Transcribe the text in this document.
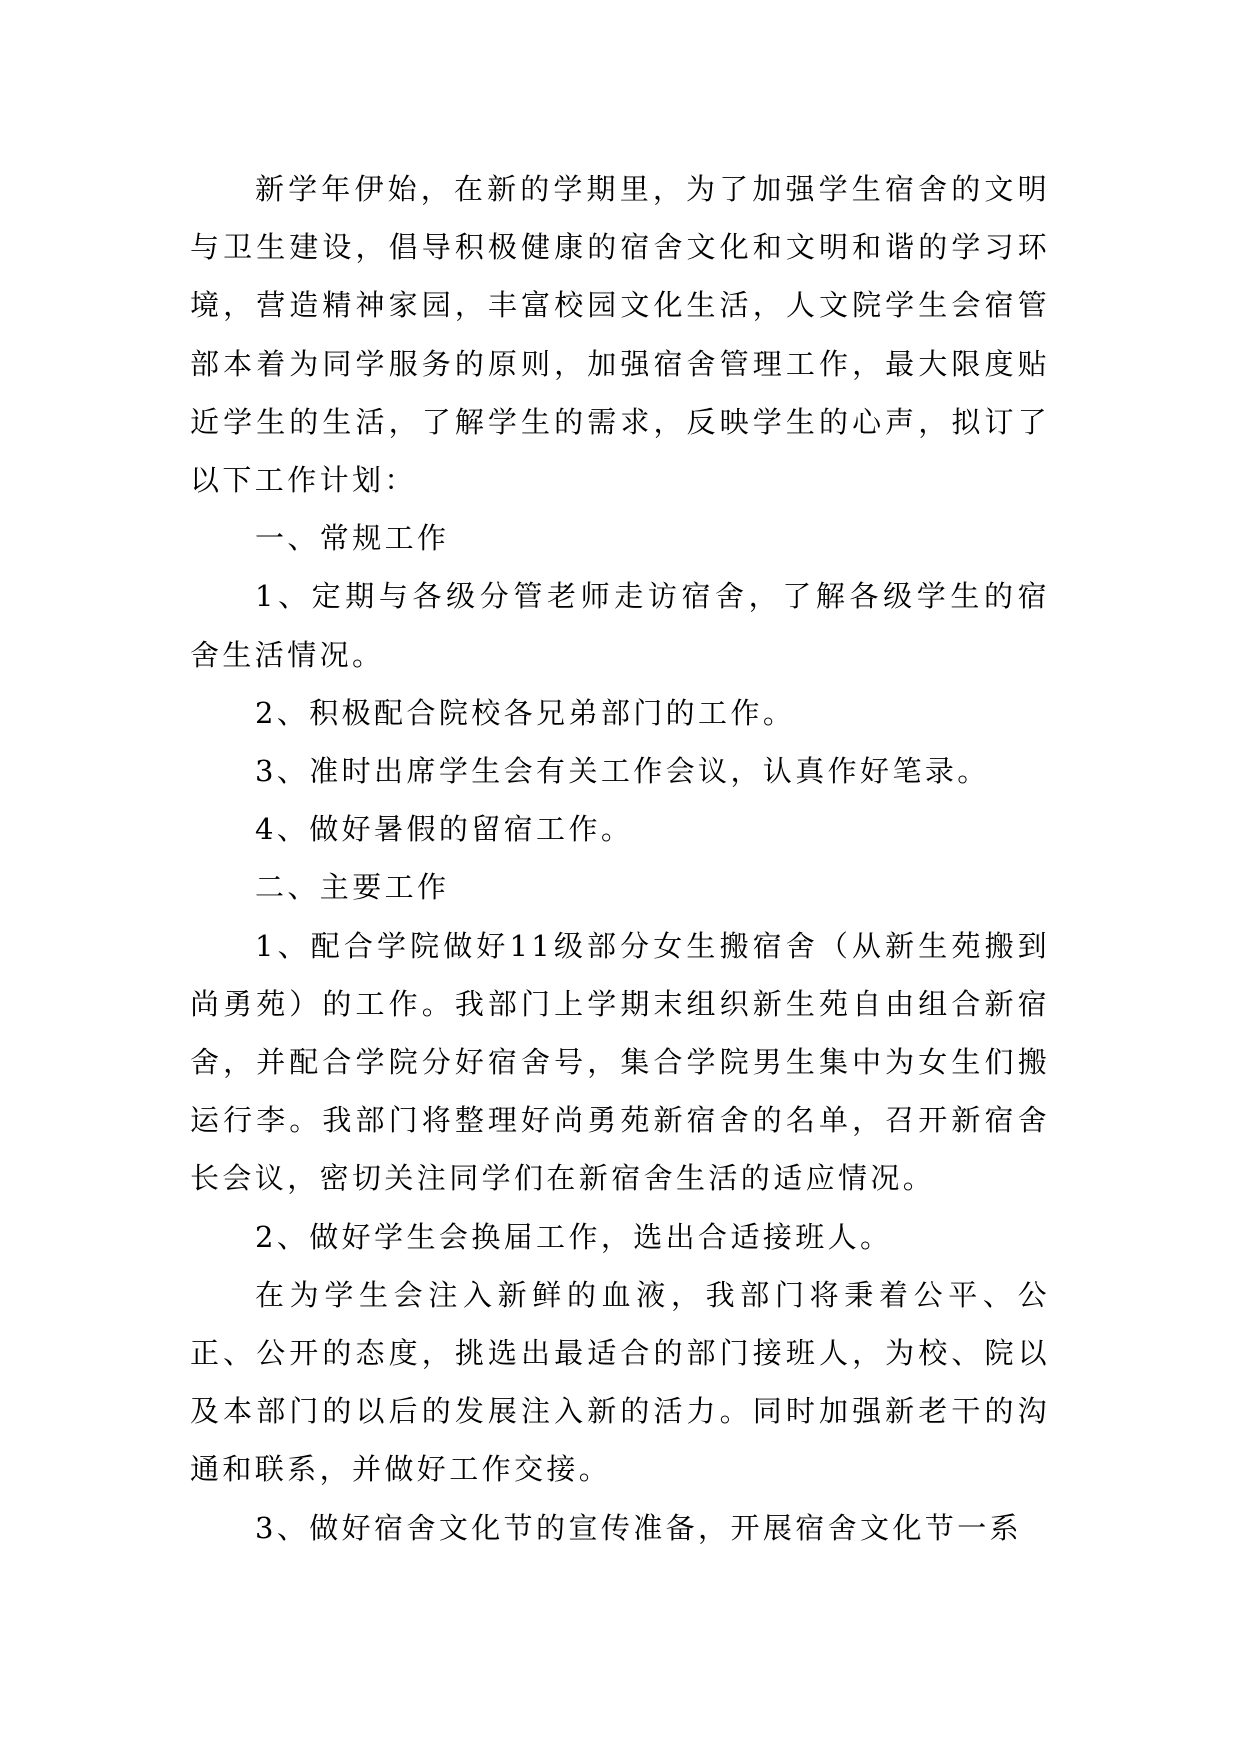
新学年伊始，在新的学期里，为了加强学生宿舍的文明与卫生建设，倡导积极健康的宿舍文化和文明和谐的学习环境，营造精神家园，丰富校园文化生活，人文院学生会宿管部本着为同学服务的原则，加强宿舍管理工作，最大限度贴近学生的生活，了解学生的需求，反映学生的心声，拟订了以下工作计划：

一、常规工作

1、定期与各级分管老师走访宿舍，了解各级学生的宿舍生活情况。

2、积极配合院校各兄弟部门的工作。

3、准时出席学生会有关工作会议，认真作好笔录。

4、做好暑假的留宿工作。

二、主要工作

1、配合学院做好11级部分女生搬宿舍（从新生苑搬到尚勇苑）的工作。我部门上学期末组织新生苑自由组合新宿舍，并配合学院分好宿舍号，集合学院男生集中为女生们搬运行李。我部门将整理好尚勇苑新宿舍的名单，召开新宿舍长会议，密切关注同学们在新宿舍生活的适应情况。

2、做好学生会换届工作，选出合适接班人。

在为学生会注入新鲜的血液，我部门将秉着公平、公正、公开的态度，挑选出最适合的部门接班人，为校、院以及本部门的以后的发展注入新的活力。同时加强新老干的沟通和联系，并做好工作交接。

3、做好宿舍文化节的宣传准备，开展宿舍文化节一系
